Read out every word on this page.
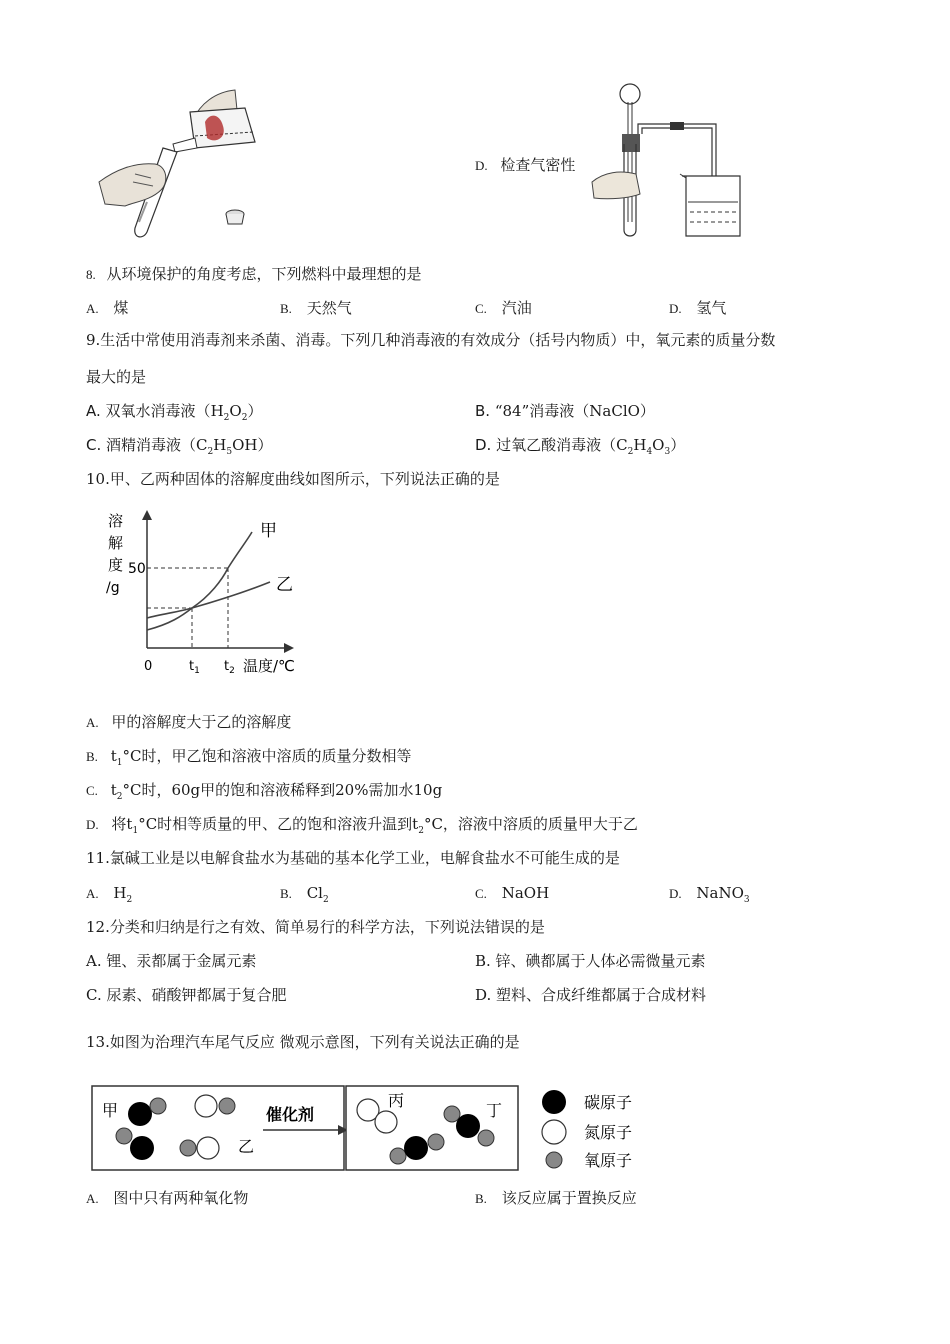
D. 检查气密性
8. 从环境保护的角度考虑，下列燃料中最理想的是
A. 煤	B. 天然气	C. 汽油	D. 氢气
9.生活中常使用消毒剂来杀菌、消毒。下列几种消毒液的有效成分（括号内物质）中，氧元素的质量分数
最大的是
A. 双氧水消毒液$(H_2O_2)$	B. “84”消毒液（NaClO）
C. 酒精消毒液$(C_2H_5OH)$	D. 过氧乙酸消毒液$(C_2H_4O_3)$
10.甲、乙两种固体的溶解度曲线如图所示，下列说法正确的是
溶
解
度
/g
50
甲
乙
0	$t_1$ $t_2$ 温度/℃
A. 甲的溶解度大于乙的溶解度
B. $t_1^\circ C$时，甲乙饱和溶液中溶质的质量分数相等
C. $t_2^\circ C$时，60g甲的饱和溶液稀释到20%需加水10g
D. 将$t_1^\circ C$时相等质量的甲、乙的饱和溶液升温到$t_2^\circ C$，溶液中溶质的质量甲大于乙
11.氯碱工业是以电解食盐水为基础的基本化学工业，电解食盐水不可能生成的是
A. $H_2$	B. $Cl_2$	C. NaOH	D. NaNO$_3$
12.分类和归纳是行之有效、简单易行的科学方法，下列说法错误的是
A. 锂、汞都属于金属元素	B. 锌、碘都属于人体必需微量元素
C. 尿素、硝酸钾都属于复合肥	D. 塑料、合成纤维都属于合成材料
13.如图为治理汽车尾气反应 微观示意图，下列有关说法正确的是
甲
乙
催化剂
丙
丁	碳原子
氮原子
氧原子
A. 图中只有两种氧化物	B. 该反应属于置换反应
